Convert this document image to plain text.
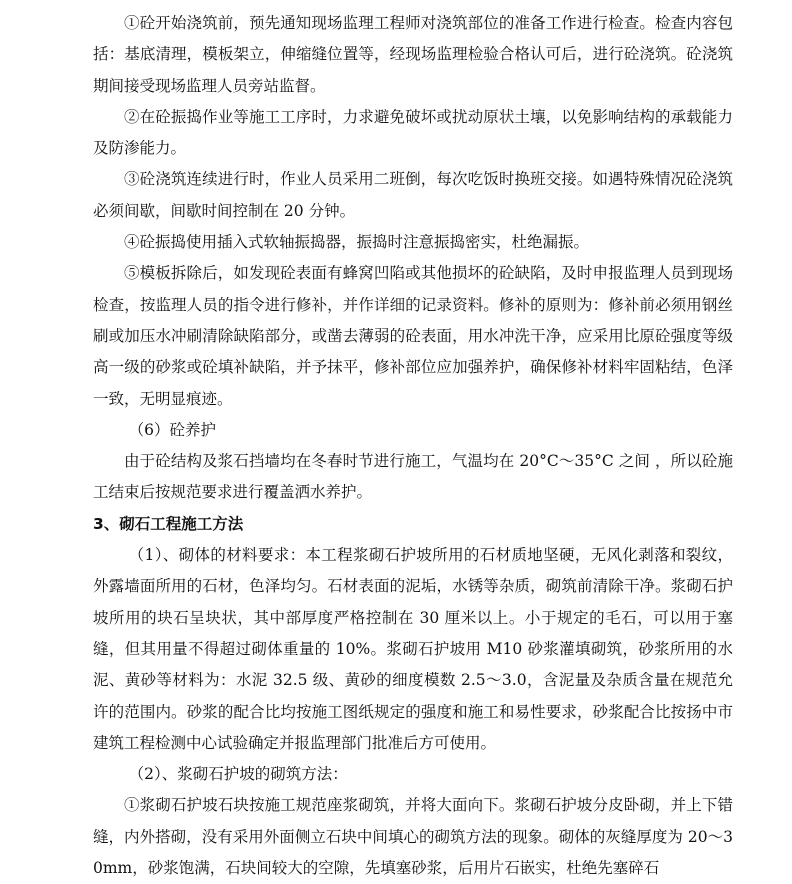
①砼开始浇筑前，预先通知现场监理工程师对浇筑部位的准备工作进行检查。检查内容包括：基底清理，模板架立，伸缩缝位置等，经现场监理检验合格认可后，进行砼浇筑。砼浇筑期间接受现场监理人员旁站监督。

②在砼振捣作业等施工工序时，力求避免破坏或扰动原状土壤，以免影响结构的承载能力及防渗能力。

③砼浇筑连续进行时，作业人员采用二班倒，每次吃饭时换班交接。如遇特殊情况砼浇筑必须间歇，间歇时间控制在 20 分钟。

④砼振捣使用插入式软轴振捣器，振捣时注意振捣密实，杜绝漏振。

⑤模板拆除后，如发现砼表面有蜂窝凹陷或其他损坏的砼缺陷，及时申报监理人员到现场检查，按监理人员的指令进行修补，并作详细的记录资料。修补的原则为：修补前必须用钢丝刷或加压水冲刷清除缺陷部分，或凿去薄弱的砼表面，用水冲洗干净，应采用比原砼强度等级高一级的砂浆或砼填补缺陷，并予抹平，修补部位应加强养护，确保修补材料牢固粘结，色泽一致，无明显痕迹。

（6）砼养护

由于砼结构及浆石挡墙均在冬春时节进行施工，气温均在 20°C～35°C 之间 ，所以砼施工结束后按规范要求进行覆盖洒水养护。

3、砌石工程施工方法

（1）、砌体的材料要求：本工程浆砌石护坡所用的石材质地坚硬，无风化剥落和裂纹，外露墙面所用的石材，色泽均匀。石材表面的泥垢，水锈等杂质，砌筑前清除干净。浆砌石护坡所用的块石呈块状，其中部厚度严格控制在 30 厘米以上。小于规定的毛石，可以用于塞缝，但其用量不得超过砌体重量的 10%。浆砌石护坡用 M10 砂浆灌填砌筑，砂浆所用的水泥、黄砂等材料为：水泥 32.5 级、黄砂的细度模数 2.5～3.0，含泥量及杂质含量在规范允许的范围内。砂浆的配合比均按施工图纸规定的强度和施工和易性要求，砂浆配合比按扬中市建筑工程检测中心试验确定并报监理部门批准后方可使用。

（2）、浆砌石护坡的砌筑方法：

①浆砌石护坡石块按施工规范座浆砌筑，并将大面向下。浆砌石护坡分皮卧砌，并上下错缝，内外搭砌，没有采用外面侧立石块中间填心的砌筑方法的现象。砌体的灰缝厚度为 20～30mm，砂浆饱满，石块间较大的空隙，先填塞砂浆，后用片石嵌实，杜绝先塞碎石
